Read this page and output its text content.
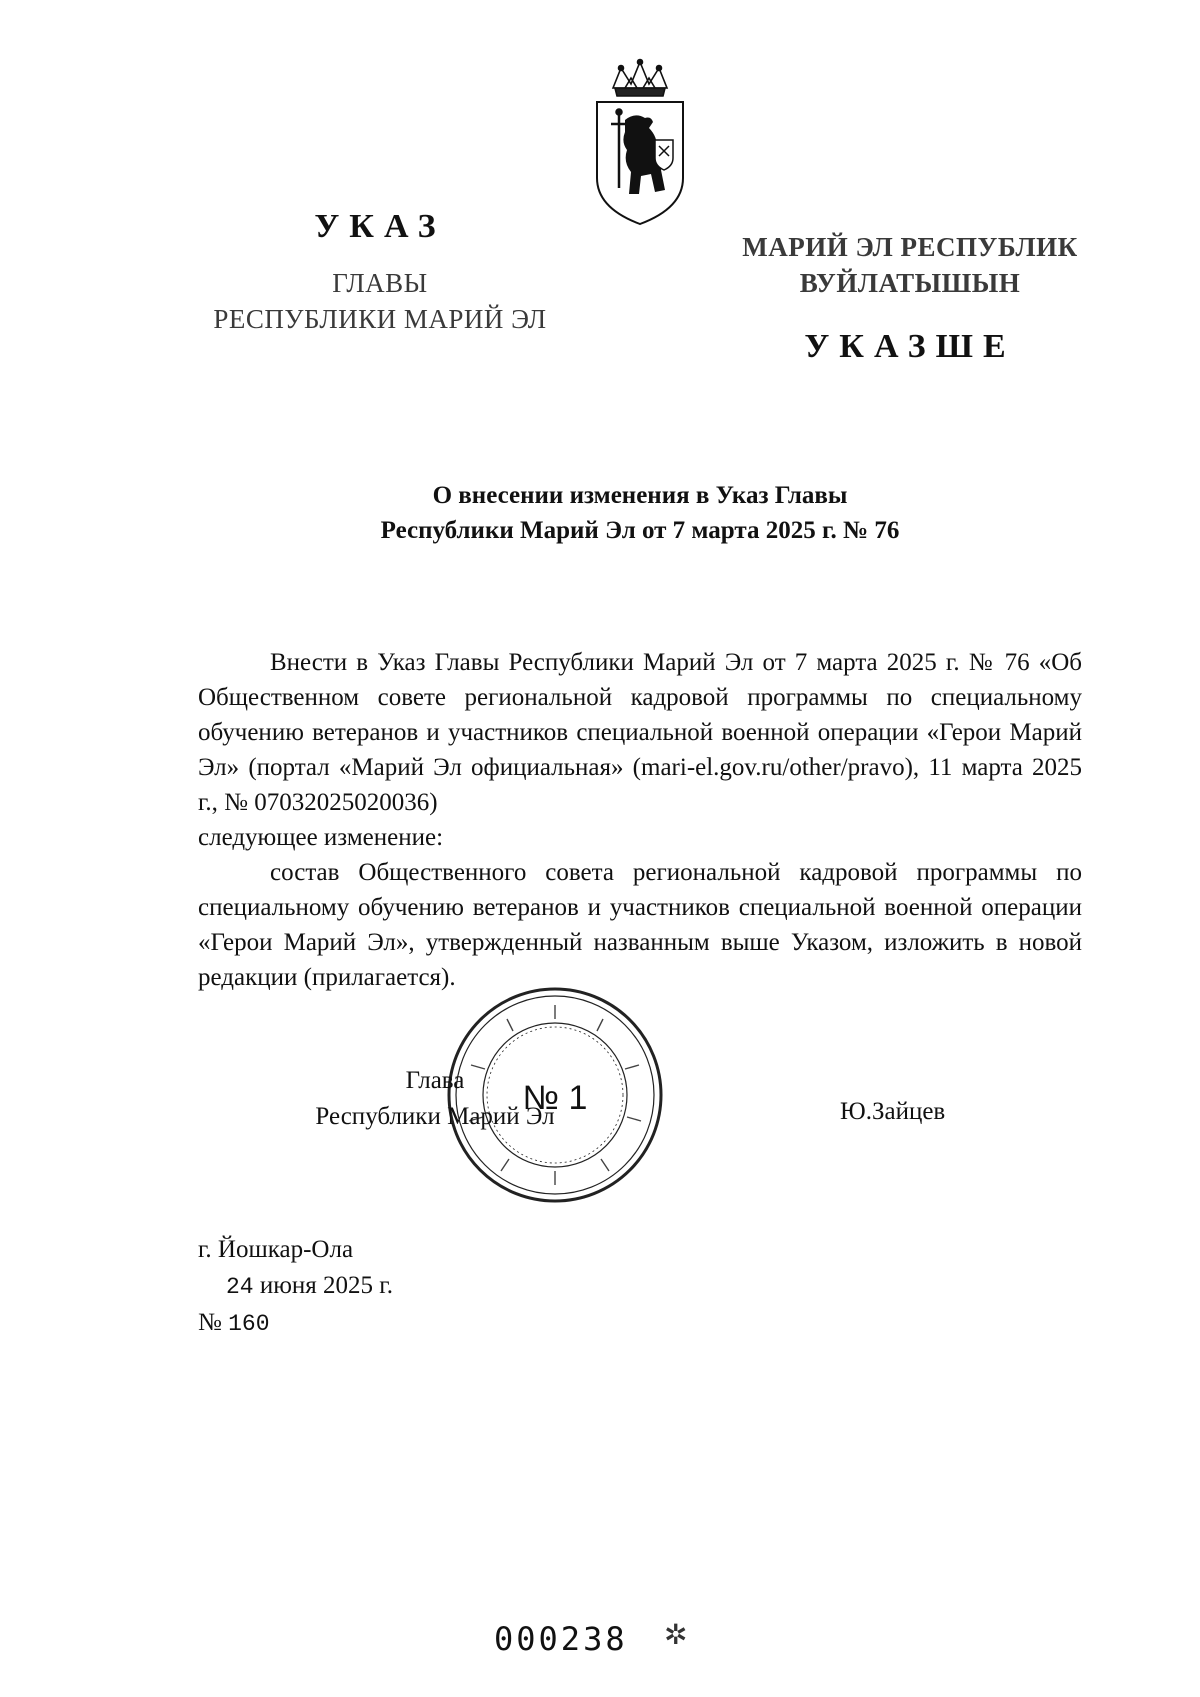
УКАЗ
ГЛАВЫ
РЕСПУБЛИКИ МАРИЙ ЭЛ
МАРИЙ ЭЛ РЕСПУБЛИК
ВУЙЛАТЫШЫН
УКАЗШЕ
О внесении изменения в Указ Главы
Республики Марий Эл от 7 марта 2025 г. № 76

Внести в Указ Главы Республики Марий Эл от 7 марта 2025 г. № 76 «Об Общественном совете региональной кадровой программы по специальному обучению ветеранов и участников специальной военной операции «Герои Марий Эл» (портал «Марий Эл официальная» (mari-el.gov.ru/other/pravo), 11 марта 2025 г., № 07032025020036)

следующее изменение:

состав Общественного совета региональной кадровой программы по специальному обучению ветеранов и участников специальной военной операции «Герои Марий Эл», утвержденный названным выше Указом, изложить в новой редакции (прилагается).

№ 1
Глава
Республики Марий Эл	Ю.Зайцев
г. Йошкар-Ола
24 июня 2025 г.
№ 160
000238 ✲
